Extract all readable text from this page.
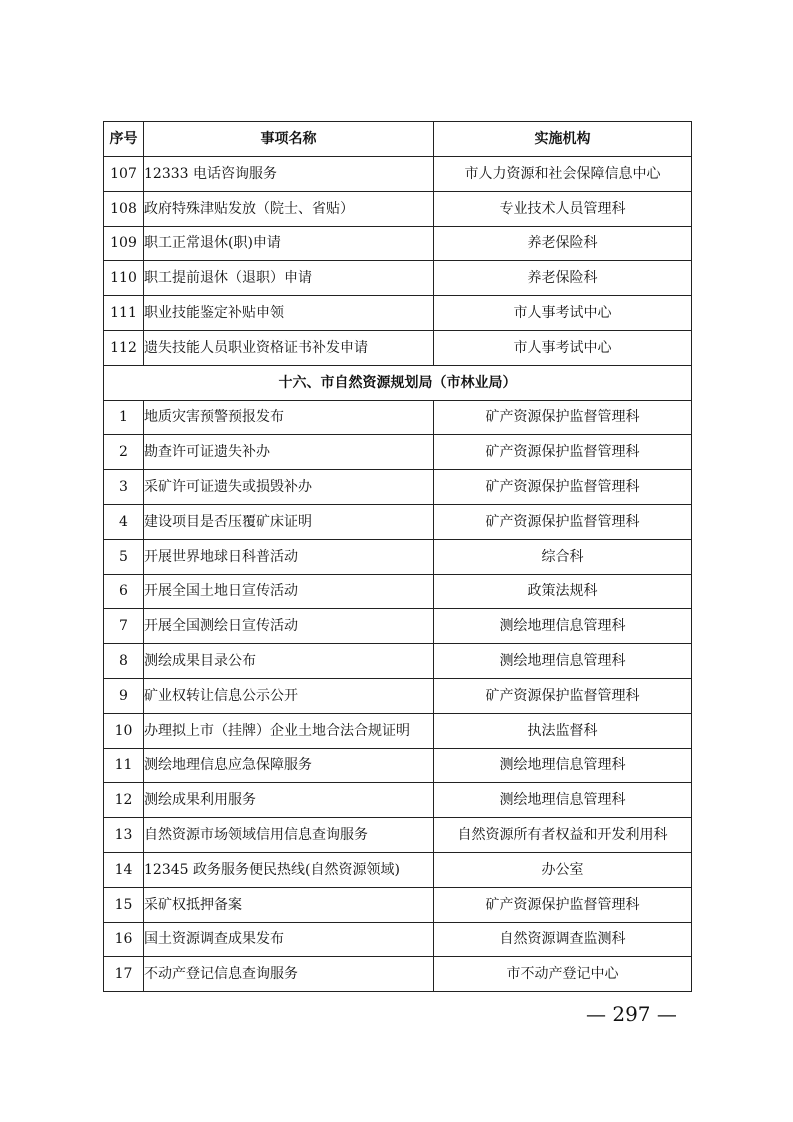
序号	事项名称	实施机构
107	12333 电话咨询服务	市人力资源和社会保障信息中心
108	政府特殊津贴发放（院士、省贴）	专业技术人员管理科
109	职工正常退休(职)申请	养老保险科
110	职工提前退休（退职）申请	养老保险科
111	职业技能鉴定补贴申领	市人事考试中心
112	遗失技能人员职业资格证书补发申请	市人事考试中心
十六、市自然资源规划局（市林业局）		
1	地质灾害预警预报发布	矿产资源保护监督管理科
2	勘查许可证遗失补办	矿产资源保护监督管理科
3	采矿许可证遗失或损毁补办	矿产资源保护监督管理科
4	建设项目是否压覆矿床证明	矿产资源保护监督管理科
5	开展世界地球日科普活动	综合科
6	开展全国土地日宣传活动	政策法规科
7	开展全国测绘日宣传活动	测绘地理信息管理科
8	测绘成果目录公布	测绘地理信息管理科
9	矿业权转让信息公示公开	矿产资源保护监督管理科
10	办理拟上市（挂牌）企业土地合法合规证明	执法监督科
11	测绘地理信息应急保障服务	测绘地理信息管理科
12	测绘成果利用服务	测绘地理信息管理科
13	自然资源市场领域信用信息查询服务	自然资源所有者权益和开发利用科
14	12345 政务服务便民热线(自然资源领域)	办公室
15	采矿权抵押备案	矿产资源保护监督管理科
16	国土资源调查成果发布	自然资源调查监测科
17	不动产登记信息查询服务	市不动产登记中心
— 297 —
